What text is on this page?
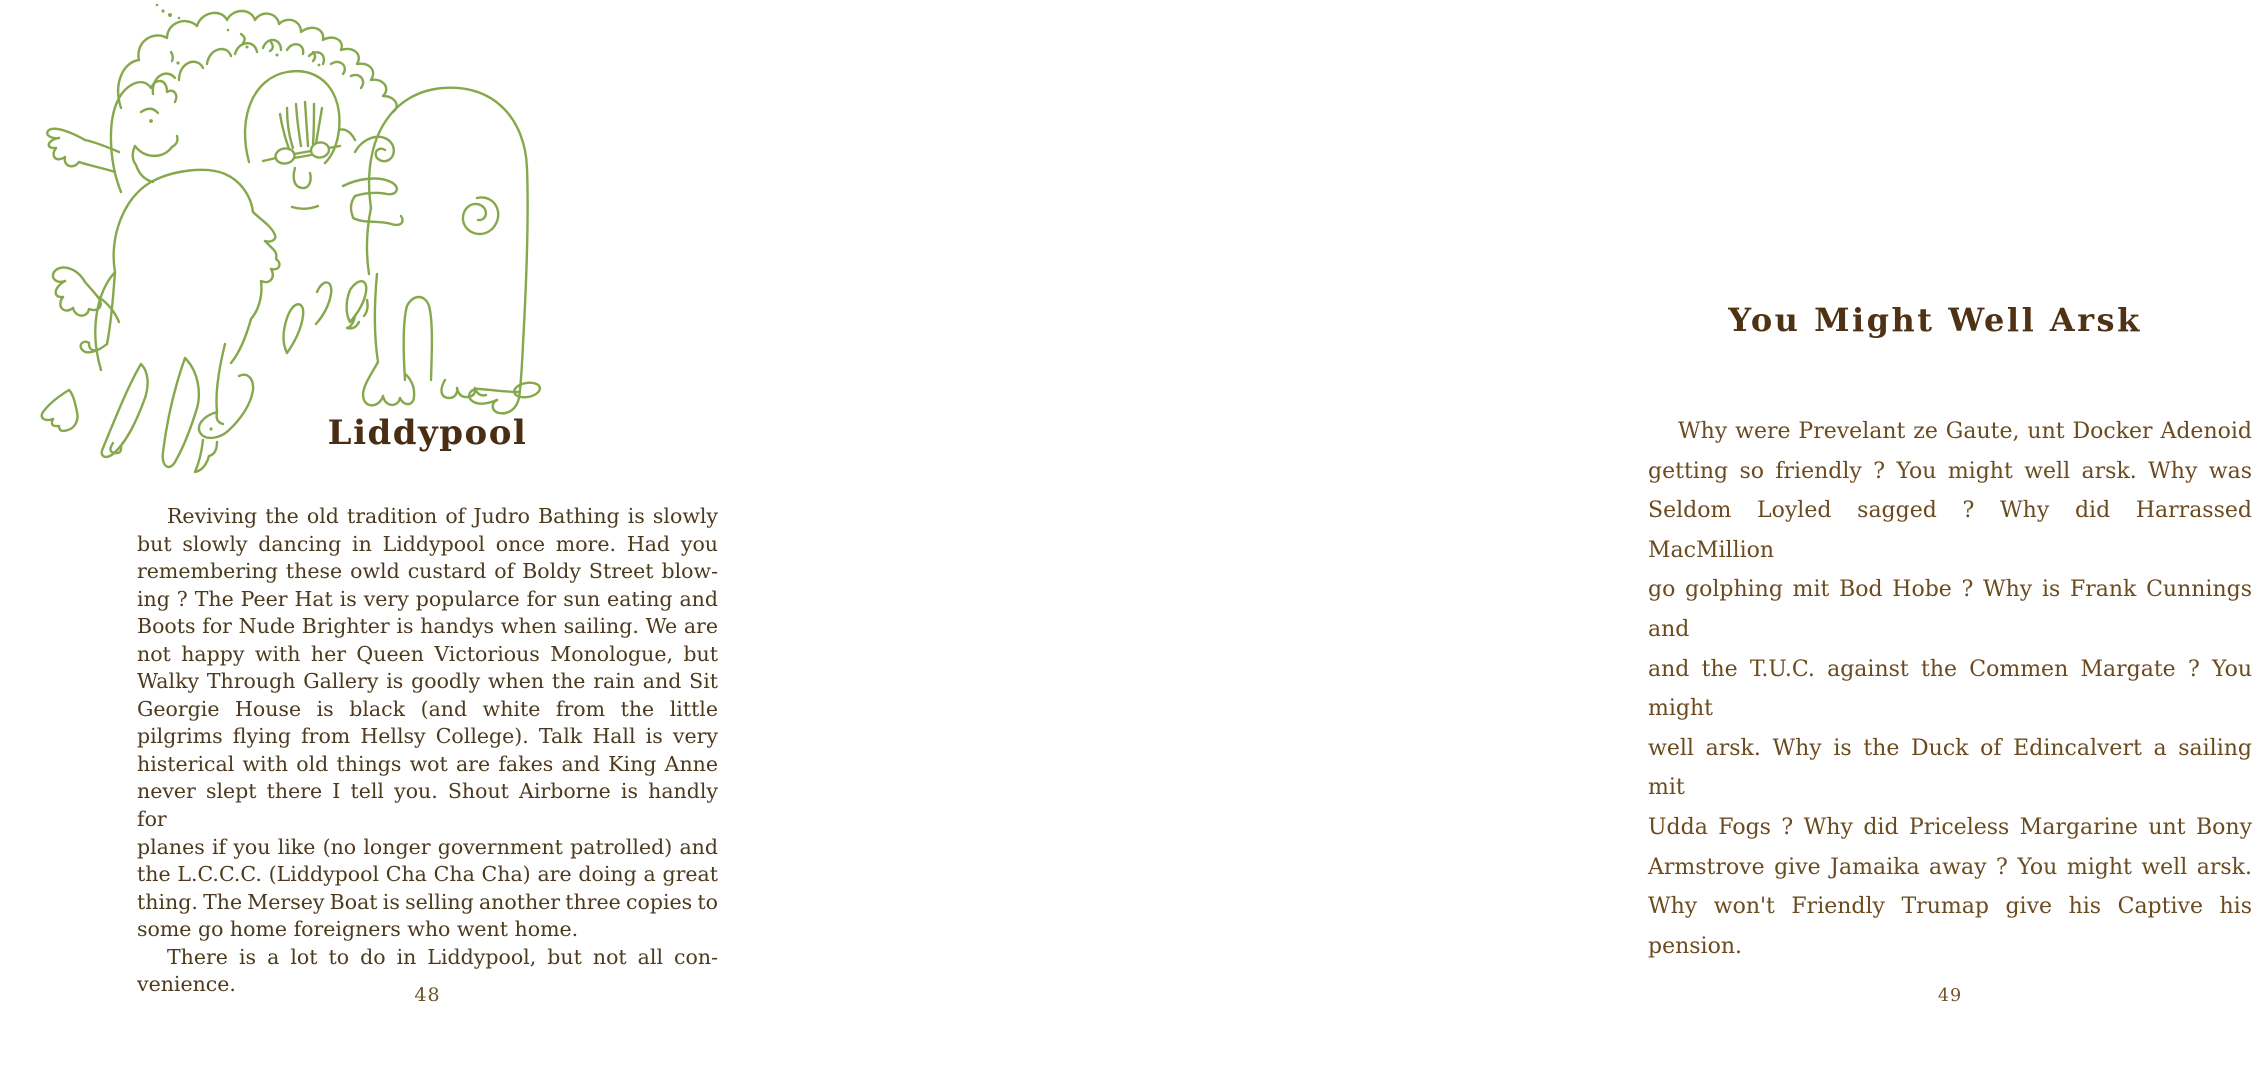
Liddypool
Reviving the old tradition of Judro Bathing is slowly
but slowly dancing in Liddypool once more. Had you
remembering these owld custard of Boldy Street blow-
ing ? The Peer Hat is very popularce for sun eating and
Boots for Nude Brighter is handys when sailing. We are
not happy with her Queen Victorious Monologue, but
Walky Through Gallery is goodly when the rain and Sit
Georgie House is black (and white from the little
pilgrims flying from Hellsy College). Talk Hall is very
histerical with old things wot are fakes and King Anne
never slept there I tell you. Shout Airborne is handly for
planes if you like (no longer government patrolled) and
the L.C.C.C. (Liddypool Cha Cha Cha) are doing a great
thing. The Mersey Boat is selling another three copies to
some go home foreigners who went home.
There is a lot to do in Liddypool, but not all con-
venience.	48
You Might Well Arsk
Why were Prevelant ze Gaute, unt Docker Adenoid
getting so friendly ? You might well arsk. Why was
Seldom Loyled sagged ? Why did Harrassed MacMillion
go golphing mit Bod Hobe ? Why is Frank Cunnings and
and the T.U.C. against the Commen Margate ? You might
well arsk. Why is the Duck of Edincalvert a sailing mit
Udda Fogs ? Why did Priceless Margarine unt Bony
Armstrove give Jamaika away ? You might well arsk.
Why won't Friendly Trumap give his Captive his pension.
49
